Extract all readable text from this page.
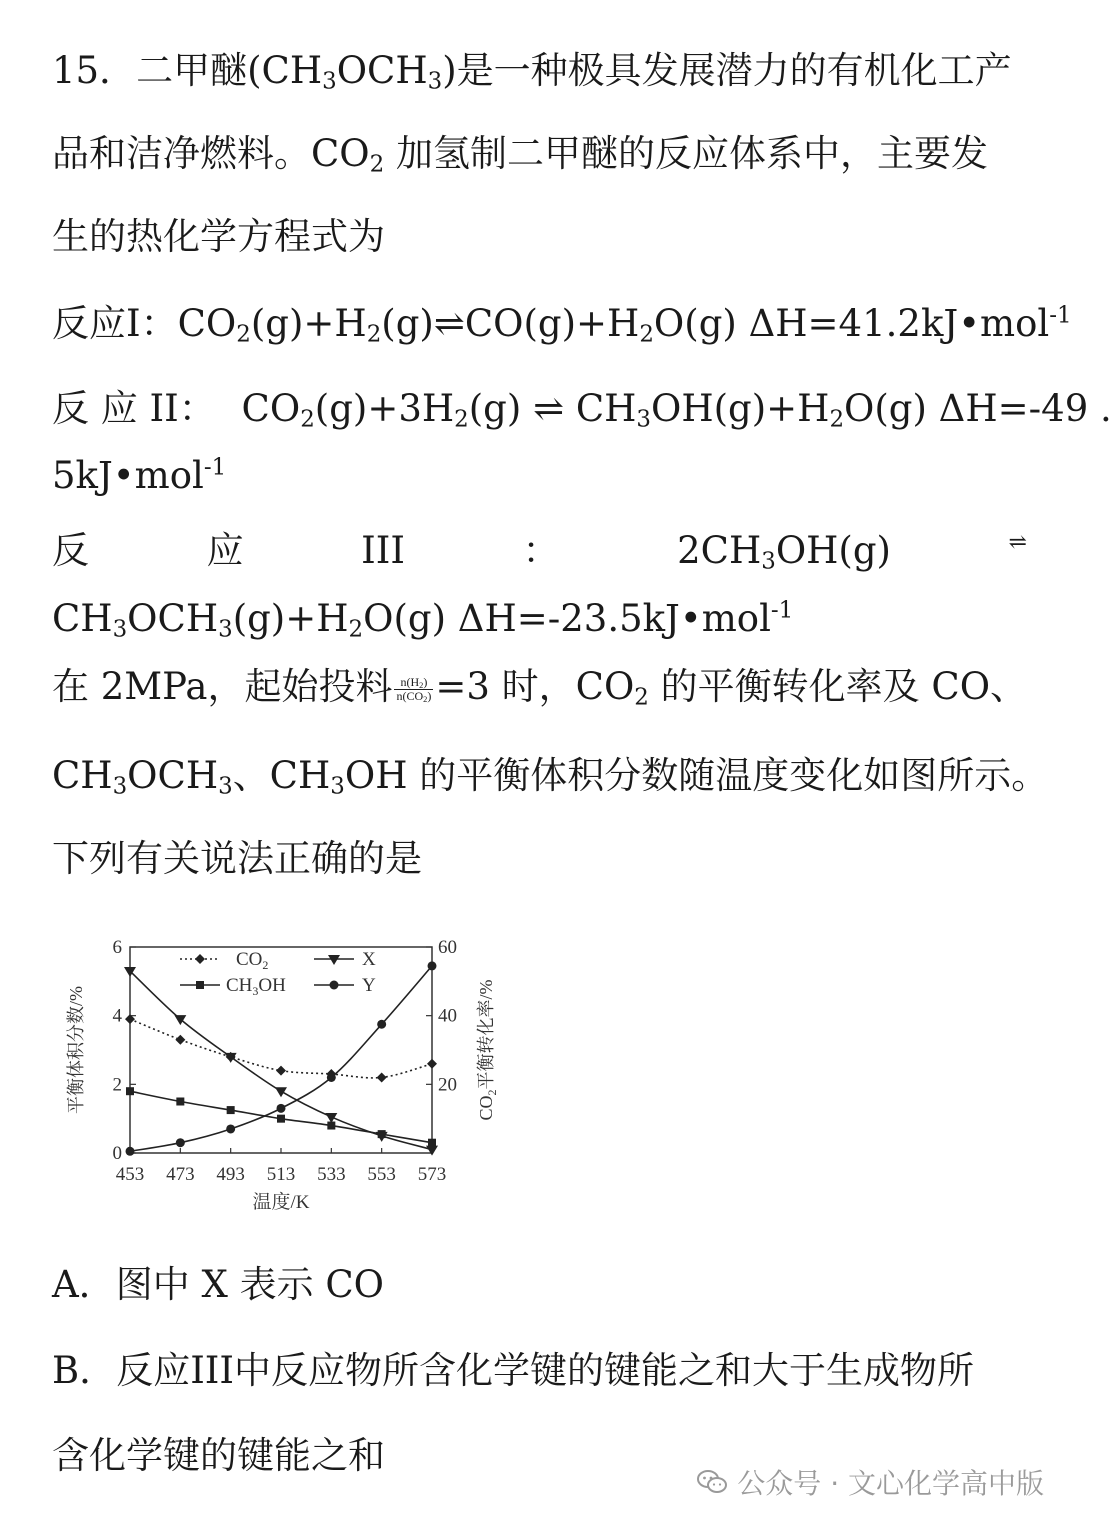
15．二甲醚$(CH_3OCH_3)$是一种极具发展潜力的有机化工产
品和洁净燃料。$CO_2$ 加氢制二甲醚的反应体系中，主要发
生的热化学方程式为
反应I：$CO_2(g)+H_2(g)\rightleftharpoons CO(g)+H_2O(g)$ ΔH=41.2kJ•mol$^{-1}$
反 应 II： $CO_2(g)+3H_2(g)$ ⇌ $CH_3OH(g)+H_2O(g)$ ΔH=-49 .
5kJ•mol$^{-1}$
反	应	III	：	$2CH_3OH(g)$	⇌
$CH_3OCH_3(g)+H_2O(g)$ ΔH=-23.5kJ•mol$^{-1}$
在 2MPa，起始投料 $\frac{n(H_2)}{n(CO_2)} =3$ 时，$CO_2$ 的平衡转化率及 CO、
$CH_3OCH_3$、$CH_3OH$ 的平衡体积分数随温度变化如图所示。
下列有关说法正确的是
0
2
4
6
20
40
60
453 473 493 513 533 553 573
$CO_2$	X
$CH_3OH$	Y
温度/K
平衡体积分数/%	$CO_2$平衡转化率/%
A．图中 X 表示 CO
B．反应III中反应物所含化学键的键能之和大于生成物所
含化学键的键能之和
公众号 · 文心化学高中版
